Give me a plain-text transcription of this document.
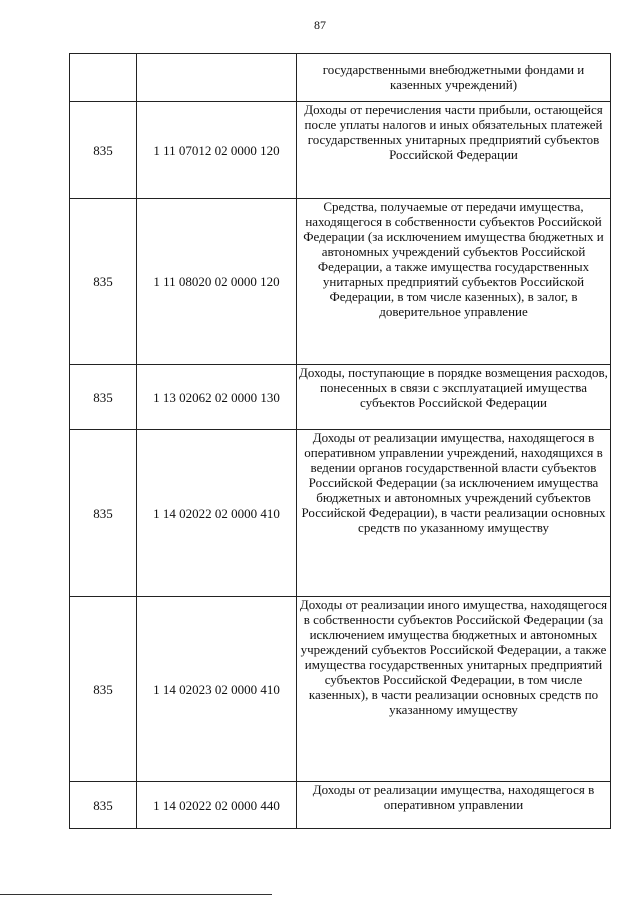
87
		государственными внебюджетными фондами и казенных учреждений)
835	1 11 07012 02 0000 120	Доходы от перечисления части прибыли, остающейся после уплаты налогов и иных обязательных платежей государственных унитарных предприятий субъектов Российской Федерации
835	1 11 08020 02 0000 120	Средства, получаемые от передачи имущества, находящегося в собственности субъектов Российской Федерации (за исключением имущества бюджетных и автономных учреждений субъектов Российской Федерации, а также имущества государственных унитарных предприятий субъектов Российской Федерации, в том числе казенных), в залог, в доверительное управление
835	1 13 02062 02 0000 130	Доходы, поступающие в порядке возмещения расходов, понесенных в связи с эксплуатацией имущества субъектов Российской Федерации
835	1 14 02022 02 0000 410	Доходы от реализации имущества, находящегося в оперативном управлении учреждений, находящихся в ведении органов государственной власти субъектов Российской Федерации (за исключением имущества бюджетных и автономных учреждений субъектов Российской Федерации), в части реализации основных средств по указанному имуществу
835	1 14 02023 02 0000 410	Доходы от реализации иного имущества, находящегося в собственности субъектов Российской Федерации (за исключением имущества бюджетных и автономных учреждений субъектов Российской Федерации, а также имущества государственных унитарных предприятий субъектов Российской Федерации, в том числе казенных), в части реализации основных средств по указанному имуществу
835	1 14 02022 02 0000 440	Доходы от реализации имущества, находящегося в оперативном управлении
